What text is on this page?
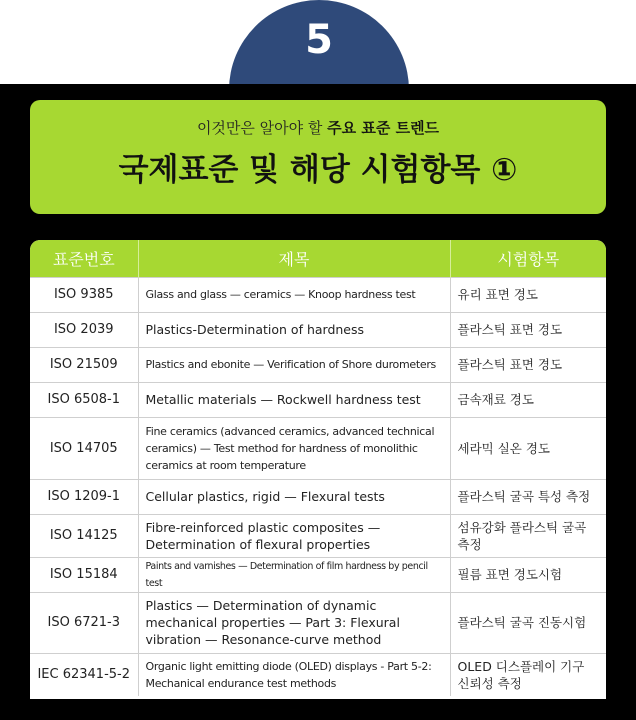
5
이것만은 알아야 할 주요 표준 트렌드
국제표준 및 해당 시험항목 ①
표준번호	제목	시험항목
ISO 9385	Glass and glass — ceramics — Knoop hardness test	유리 표면 경도
ISO 2039	Plastics-Determination of hardness	플라스틱 표면 경도
ISO 21509	Plastics and ebonite — Verification of Shore durometers	플라스틱 표면 경도
ISO 6508-1	Metallic materials — Rockwell hardness test	금속재료 경도
ISO 14705	Fine ceramics (advanced ceramics, advanced technical ceramics) — Test method for hardness of monolithic ceramics at room temperature	세라믹 실온 경도
ISO 1209-1	Cellular plastics, rigid — Flexural tests	플라스틱 굴곡 특성 측정
ISO 14125	Fibre-reinforced plastic composites — Determination of flexural properties	섬유강화 플라스틱 굴곡 측정
ISO 15184	Paints and varnishes — Determination of film hardness by pencil test	필름 표면 경도시험
ISO 6721-3	Plastics — Determination of dynamic mechanical properties — Part 3: Flexural vibration — Resonance-curve method	플라스틱 굴곡 진동시험
IEC 62341-5-2	Organic light emitting diode (OLED) displays - Part 5-2: Mechanical endurance test methods	OLED 디스플레이 기구 신뢰성 측정
